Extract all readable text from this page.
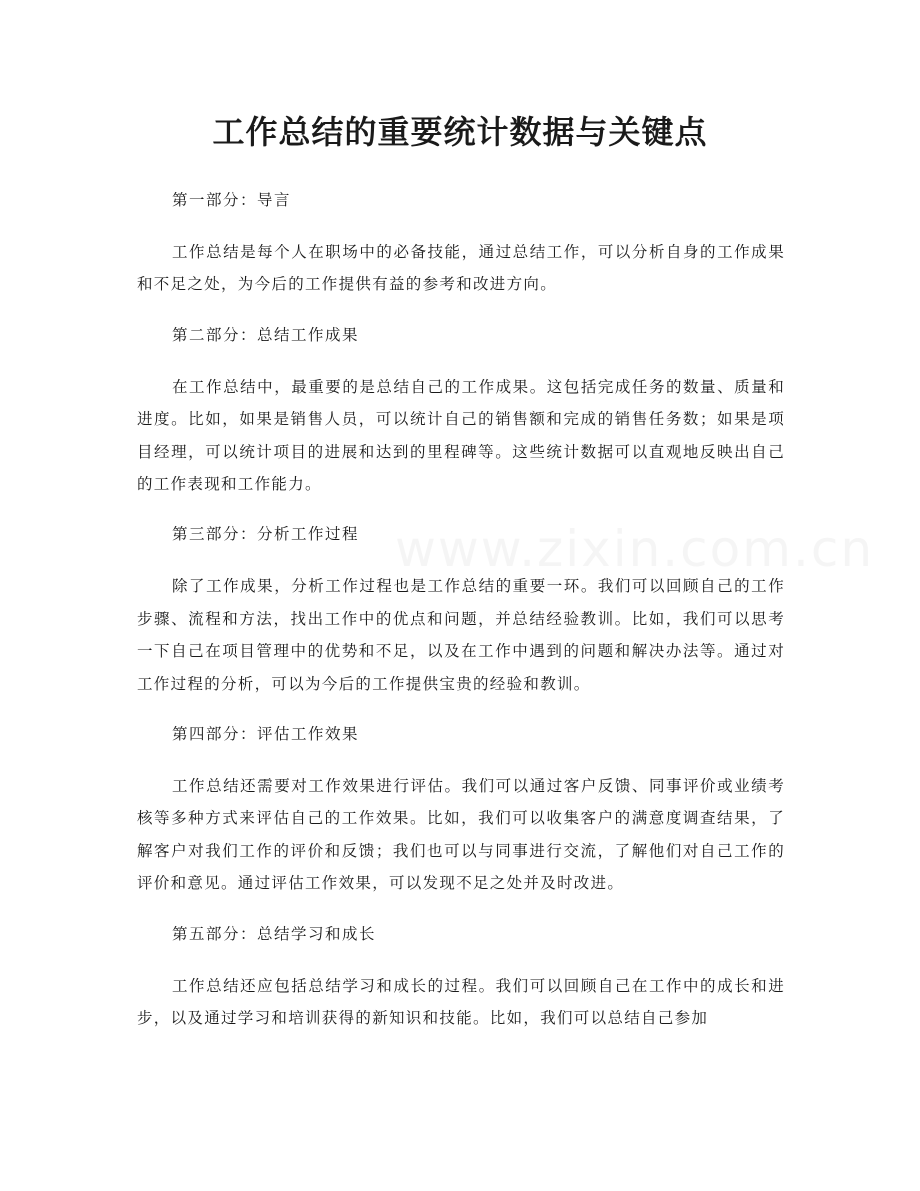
工作总结的重要统计数据与关键点
www.zixin.com.cn

第一部分：导言

工作总结是每个人在职场中的必备技能，通过总结工作，可以分析自身的工作成果和不足之处，为今后的工作提供有益的参考和改进方向。

第二部分：总结工作成果

在工作总结中，最重要的是总结自己的工作成果。这包括完成任务的数量、质量和进度。比如，如果是销售人员，可以统计自己的销售额和完成的销售任务数；如果是项目经理，可以统计项目的进展和达到的里程碑等。这些统计数据可以直观地反映出自己的工作表现和工作能力。

第三部分：分析工作过程

除了工作成果，分析工作过程也是工作总结的重要一环。我们可以回顾自己的工作步骤、流程和方法，找出工作中的优点和问题，并总结经验教训。比如，我们可以思考一下自己在项目管理中的优势和不足，以及在工作中遇到的问题和解决办法等。通过对工作过程的分析，可以为今后的工作提供宝贵的经验和教训。

第四部分：评估工作效果

工作总结还需要对工作效果进行评估。我们可以通过客户反馈、同事评价或业绩考核等多种方式来评估自己的工作效果。比如，我们可以收集客户的满意度调查结果，了解客户对我们工作的评价和反馈；我们也可以与同事进行交流，了解他们对自己工作的评价和意见。通过评估工作效果，可以发现不足之处并及时改进。

第五部分：总结学习和成长

工作总结还应包括总结学习和成长的过程。我们可以回顾自己在工作中的成长和进步，以及通过学习和培训获得的新知识和技能。比如，我们可以总结自己参加
